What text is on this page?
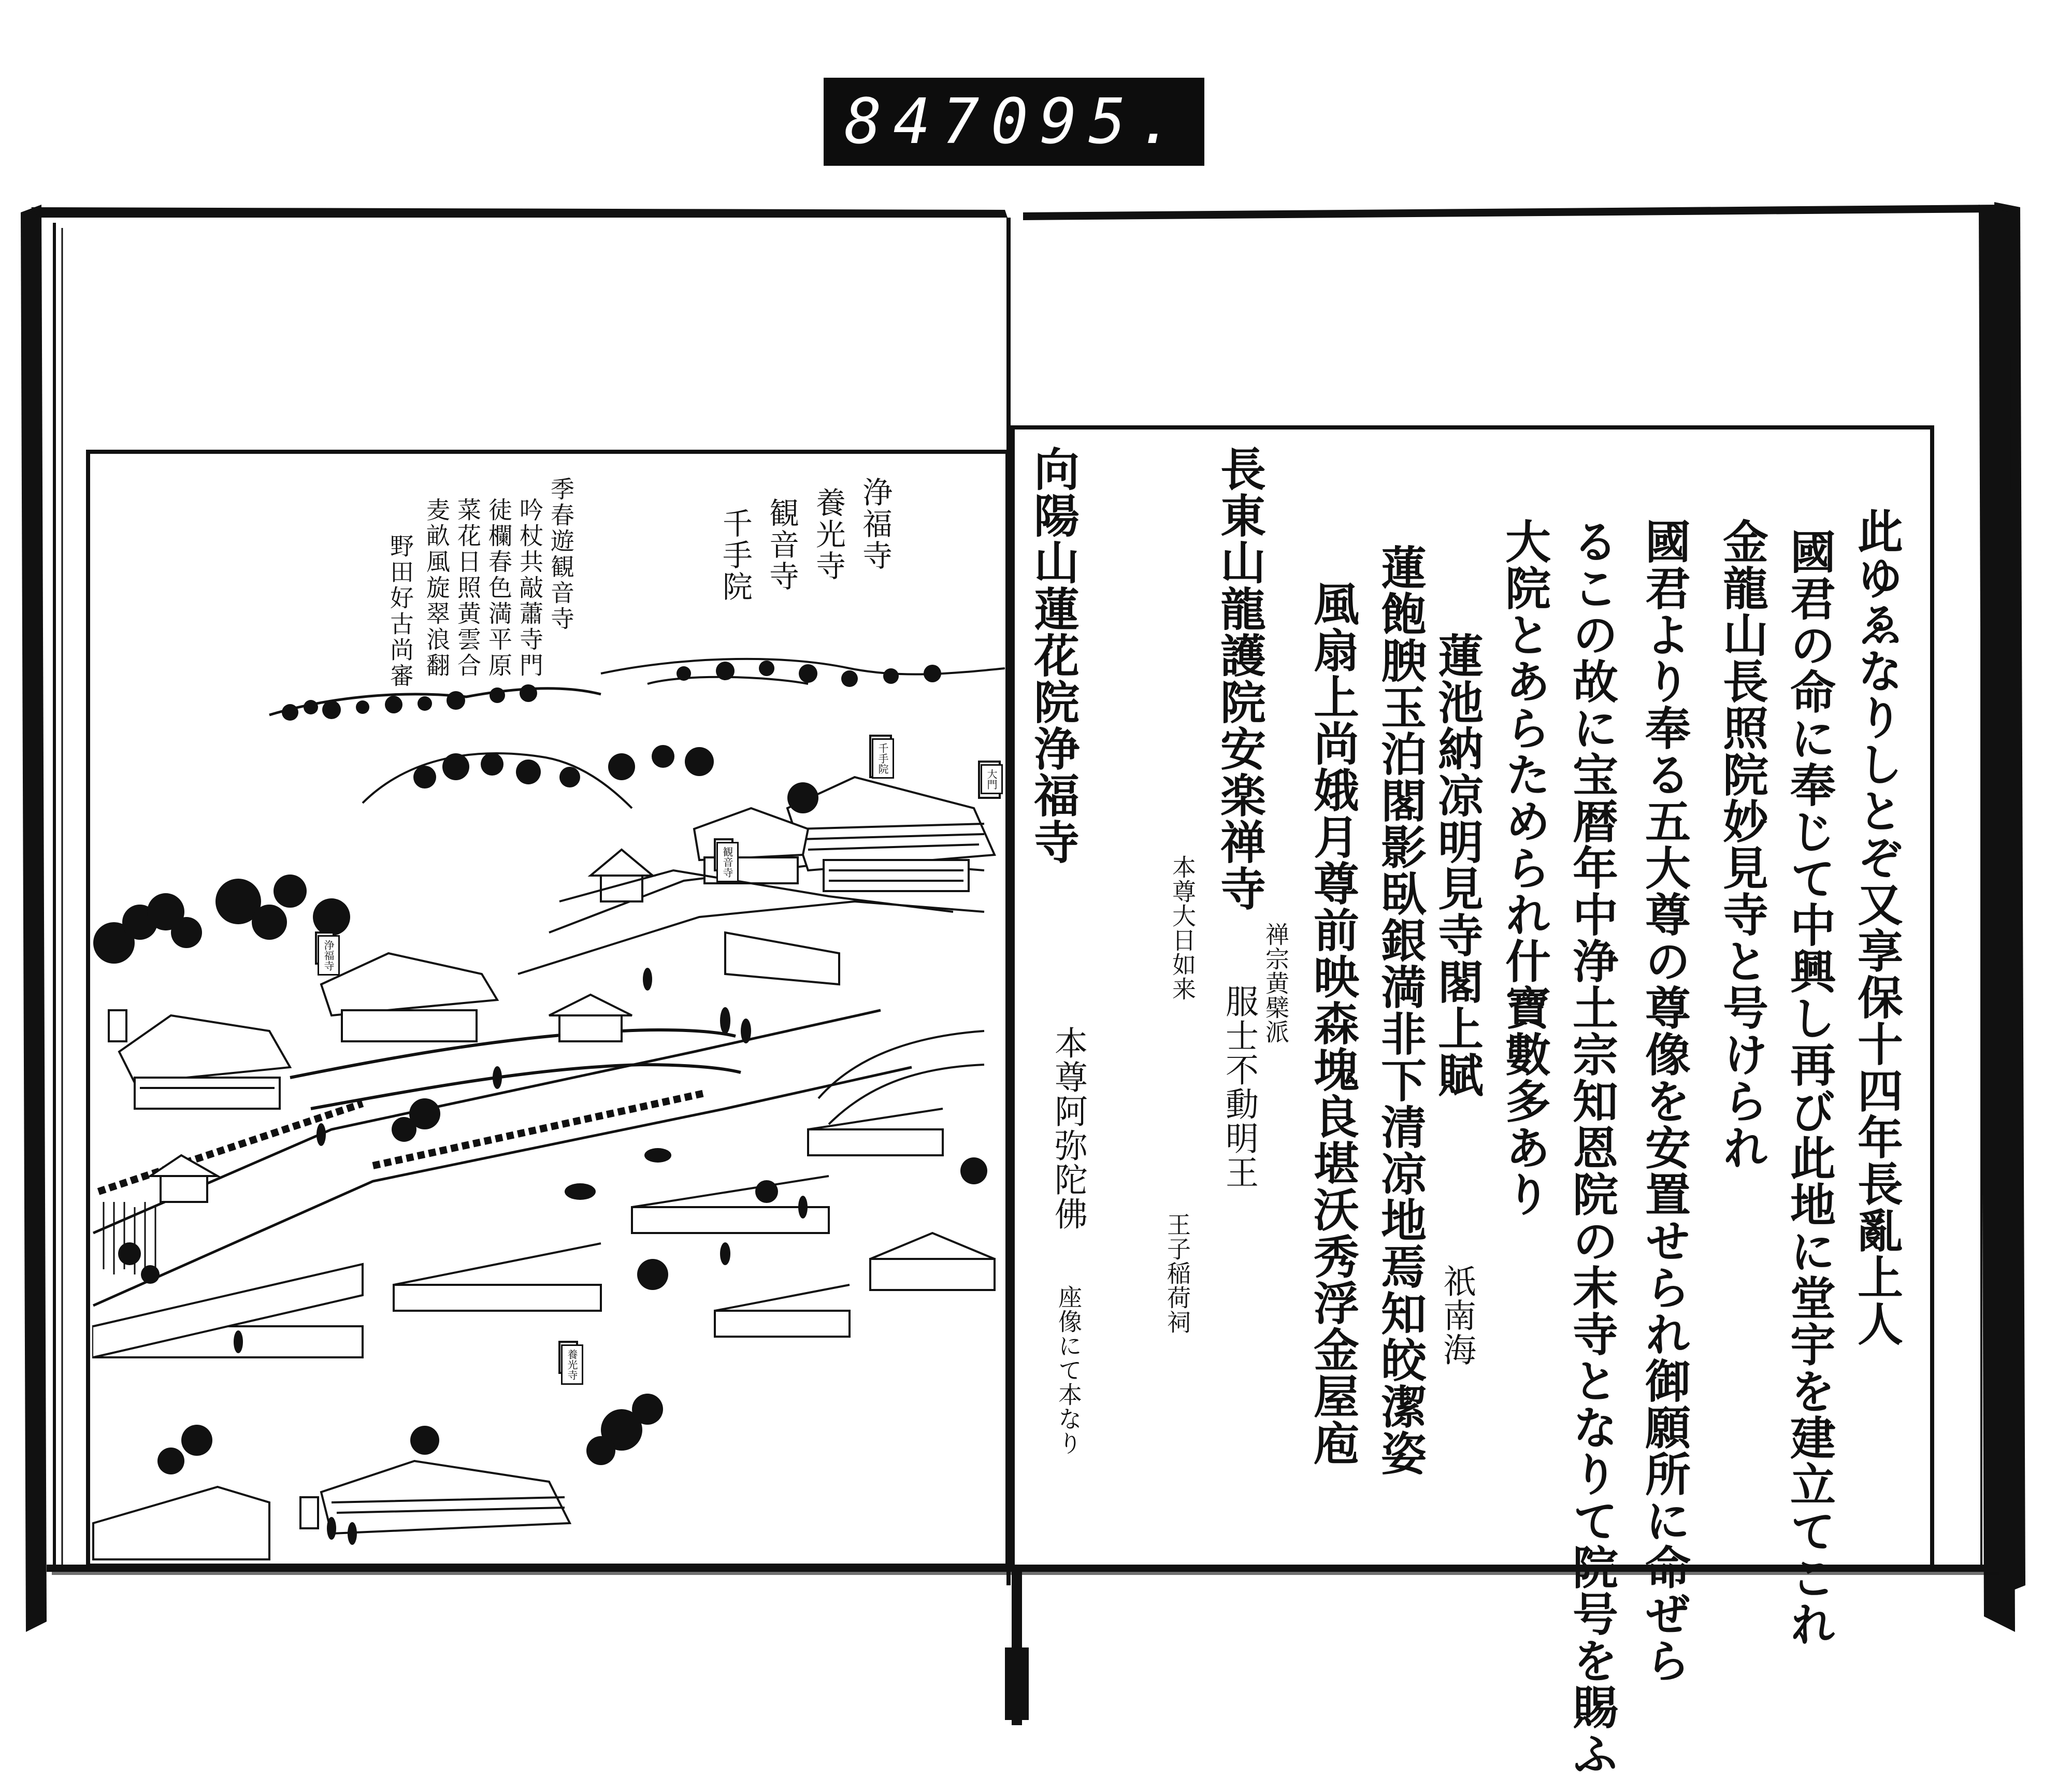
847 095.
此ゆゑなりしとぞ又享保十四年長亂上人
國君の命に奉じて中興し再び此地に堂宇を建立てこれ
金龍山長照院妙見寺と号けられ
國君より奉る五大尊の尊像を安置せられ御願所に命ぜら
るこの故に宝暦年中浄土宗知恩院の末寺となりて院号を賜ふ
大院とあらためられ什寶數多あり
蓮池納凉明見寺閣上賦
蓮飽腴玉泊閣影臥銀満非下清凉地焉知皎潔姿
風扇上尚娥月尊前映森塊良堪沃秀浮金屋庖
長東山龍護院安楽禅寺
服士不動明王
向陽山蓮花院浄福寺
本尊阿弥陀佛
祇南海
禅宗黄檗派
本尊大日如来
王子稲荷祠
座像にて本なり
浄福寺
養光寺
観音寺
千手院
季春遊観音寺
吟杖共敲蕭寺門
徒欄春色満平原
菜花日照黄雲合
麦畝風旋翠浪翻
野田好古尚審
千手院
大門
観音寺
浄福寺
養光寺
